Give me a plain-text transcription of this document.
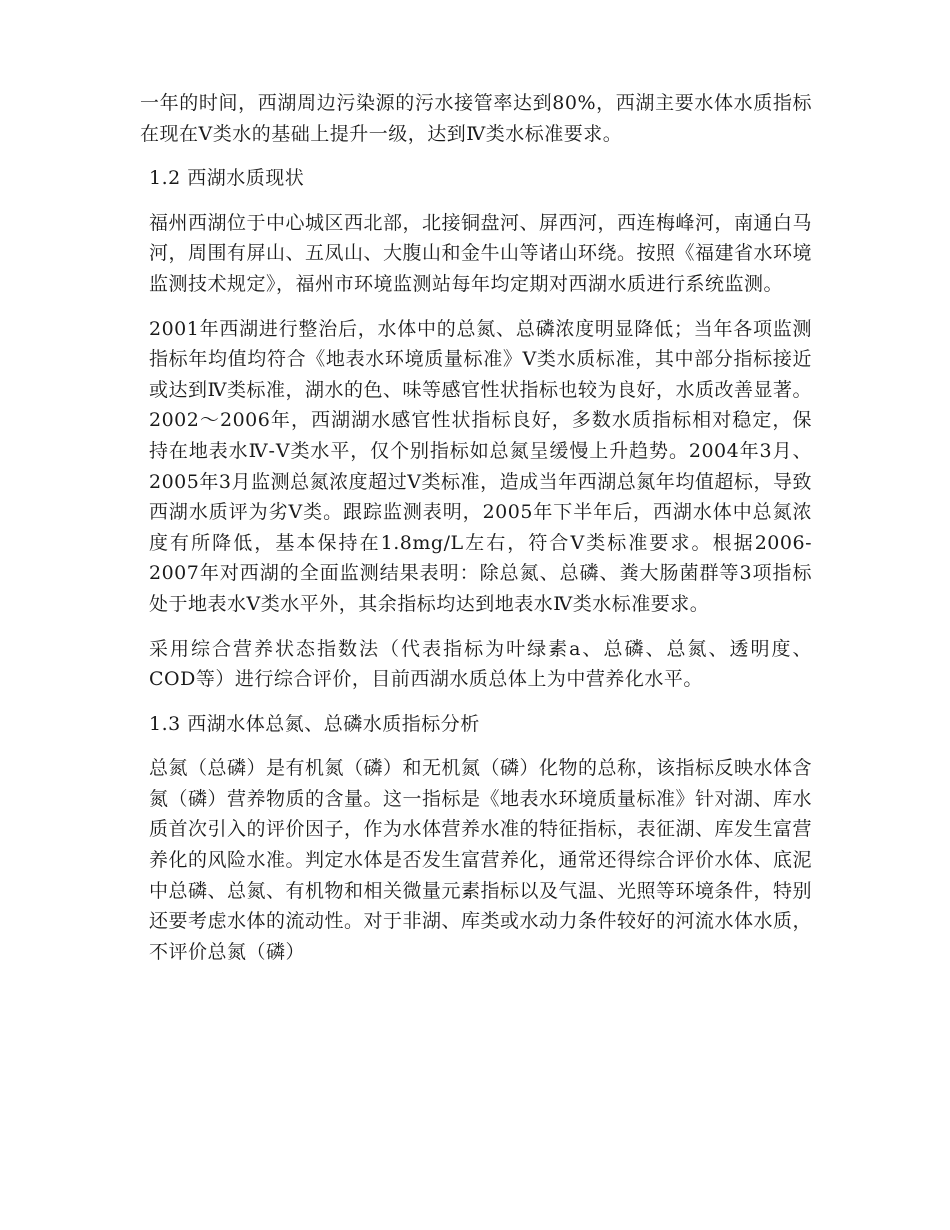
一年的时间，西湖周边污染源的污水接管率达到80%，西湖主要水体水质指标在现在Ⅴ类水的基础上提升一级，达到Ⅳ类水标准要求。

1.2 西湖水质现状

福州西湖位于中心城区西北部，北接铜盘河、屏西河，西连梅峰河，南通白马河，周围有屏山、五凤山、大腹山和金牛山等诸山环绕。按照《福建省水环境监测技术规定》，福州市环境监测站每年均定期对西湖水质进行系统监测。

2001年西湖进行整治后，水体中的总氮、总磷浓度明显降低；当年各项监测指标年均值均符合《地表水环境质量标准》Ⅴ类水质标准，其中部分指标接近或达到Ⅳ类标准，湖水的色、味等感官性状指标也较为良好，水质改善显著。2002～2006年，西湖湖水感官性状指标良好，多数水质指标相对稳定，保持在地表水Ⅳ-Ⅴ类水平，仅个别指标如总氮呈缓慢上升趋势。2004年3月、2005年3月监测总氮浓度超过Ⅴ类标准，造成当年西湖总氮年均值超标，导致西湖水质评为劣Ⅴ类。跟踪监测表明，2005年下半年后，西湖水体中总氮浓度有所降低，基本保持在1.8mg/L左右，符合Ⅴ类标准要求。根据2006-2007年对西湖的全面监测结果表明：除总氮、总磷、粪大肠菌群等3项指标处于地表水Ⅴ类水平外，其余指标均达到地表水Ⅳ类水标准要求。

采用综合营养状态指数法（代表指标为叶绿素a、总磷、总氮、透明度、COD等）进行综合评价，目前西湖水质总体上为中营养化水平。

1.3 西湖水体总氮、总磷水质指标分析

总氮（总磷）是有机氮（磷）和无机氮（磷）化物的总称，该指标反映水体含氮（磷）营养物质的含量。这一指标是《地表水环境质量标准》针对湖、库水质首次引入的评价因子，作为水体营养水准的特征指标，表征湖、库发生富营养化的风险水准。判定水体是否发生富营养化，通常还得综合评价水体、底泥中总磷、总氮、有机物和相关微量元素指标以及气温、光照等环境条件，特别还要考虑水体的流动性。对于非湖、库类或水动力条件较好的河流水体水质，不评价总氮（磷）
